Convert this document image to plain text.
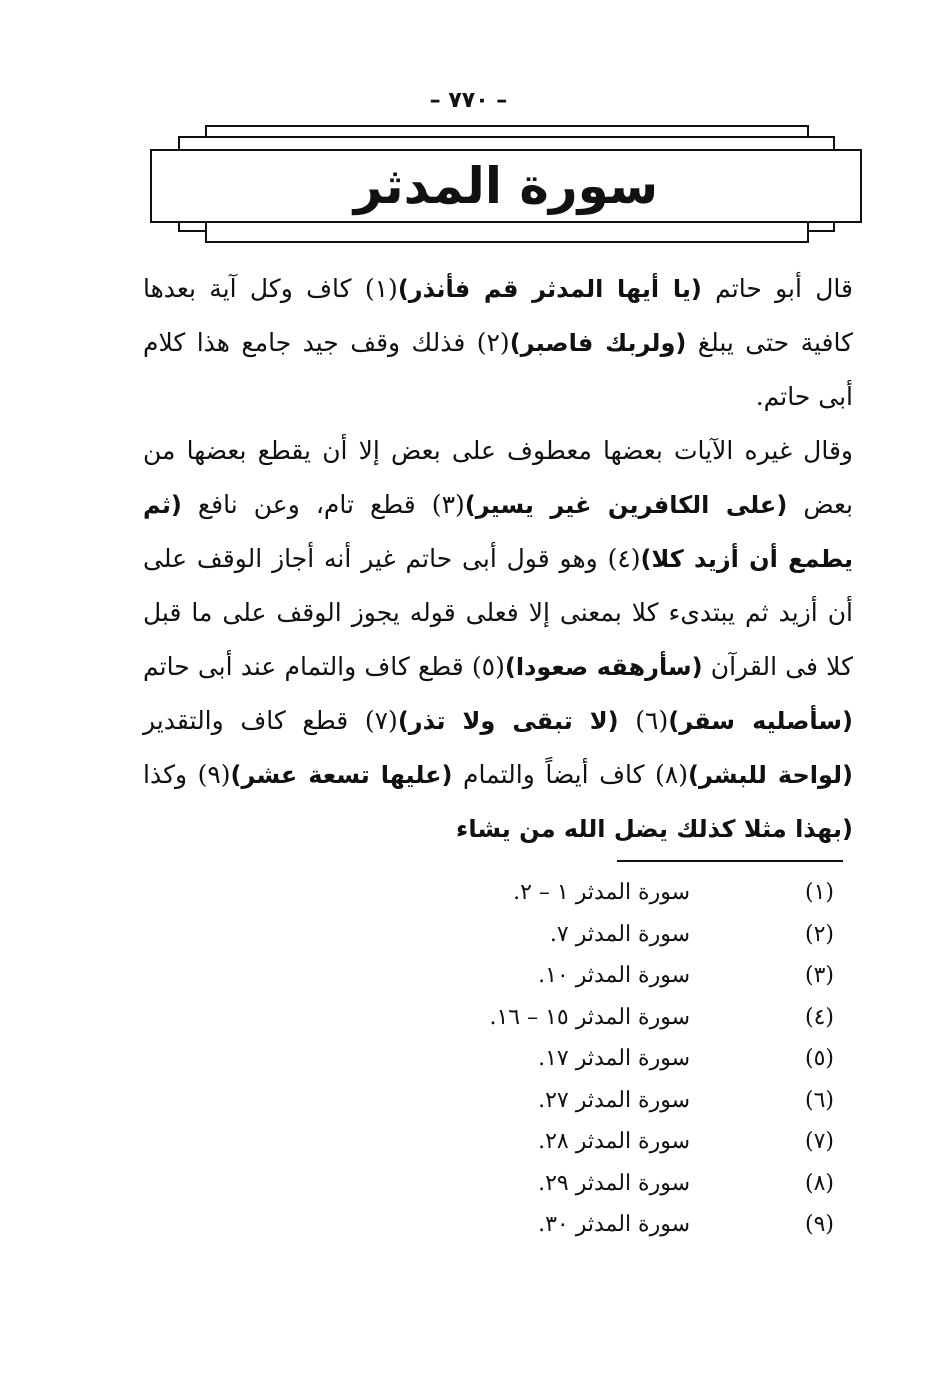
– ٧٧٠ –
سورة المدثر

قال أبو حاتم (يا أيها المدثر قم فأنذر)(١) كاف وكل آية بعدها كافية حتى يبلغ (ولربك فاصبر)(٢) فذلك وقف جيد جامع هذا كلام أبى حاتم.

وقال غيره الآيات بعضها معطوف على بعض إلا أن يقطع بعضها من بعض (على الكافرين غير يسير)(٣) قطع تام، وعن نافع (ثم يطمع أن أزيد كلا)(٤) وهو قول أبى حاتم غير أنه أجاز الوقف على أن أزيد ثم يبتدىء كلا بمعنى إلا فعلى قوله يجوز الوقف على ما قبل كلا فى القرآن (سأرهقه صعودا)(٥) قطع كاف والتمام عند أبى حاتم (سأصليه سقر)(٦) (لا تبقى ولا تذر)(٧) قطع كاف والتقدير (لواحة للبشر)(٨) كاف أيضاً والتمام (عليها تسعة عشر)(٩) وكذا (بهذا مثلا كذلك يضل الله من يشاء

(١)
سورة المدثر ١ – ٢.
(٢)
سورة المدثر ٧.
(٣)
سورة المدثر ١٠.
(٤)
سورة المدثر ١٥ – ١٦.
(٥)
سورة المدثر ١٧.
(٦)
سورة المدثر ٢٧.
(٧)
سورة المدثر ٢٨.
(٨)
سورة المدثر ٢٩.
(٩)
سورة المدثر ٣٠.
